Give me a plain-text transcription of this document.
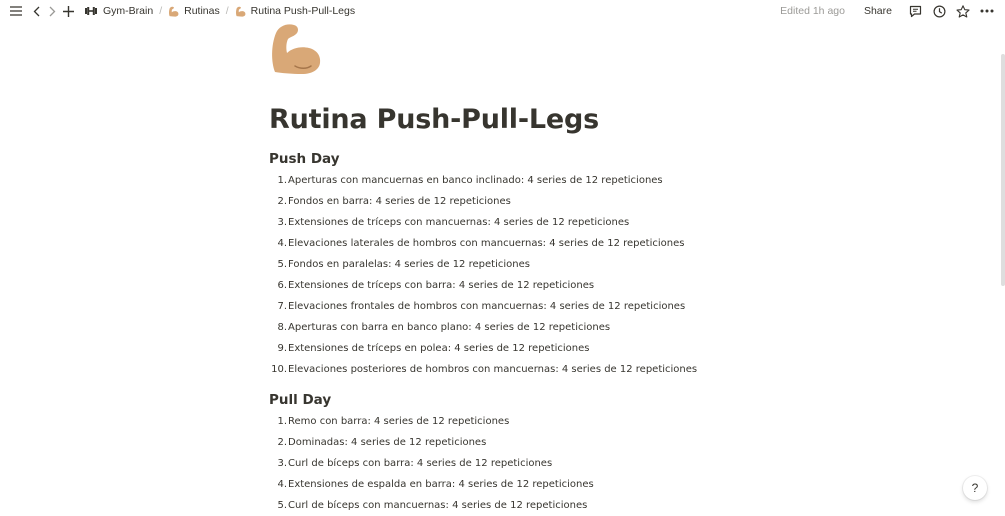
Gym-Brain / Rutinas / Rutina Push-Pull-Legs	Edited 1h ago Share
Rutina Push-Pull-Legs
Push Day
1. Aperturas con mancuernas en banco inclinado: 4 series de 12 repeticiones
2. Fondos en barra: 4 series de 12 repeticiones
3. Extensiones de tríceps con mancuernas: 4 series de 12 repeticiones
4. Elevaciones laterales de hombros con mancuernas: 4 series de 12 repeticiones
5. Fondos en paralelas: 4 series de 12 repeticiones
6. Extensiones de tríceps con barra: 4 series de 12 repeticiones
7. Elevaciones frontales de hombros con mancuernas: 4 series de 12 repeticiones
8. Aperturas con barra en banco plano: 4 series de 12 repeticiones
9. Extensiones de tríceps en polea: 4 series de 12 repeticiones
10. Elevaciones posteriores de hombros con mancuernas: 4 series de 12 repeticiones
Pull Day
1. Remo con barra: 4 series de 12 repeticiones
2. Dominadas: 4 series de 12 repeticiones
3. Curl de bíceps con barra: 4 series de 12 repeticiones
4. Extensiones de espalda en barra: 4 series de 12 repeticiones
5. Curl de bíceps con mancuernas: 4 series de 12 repeticiones
?
